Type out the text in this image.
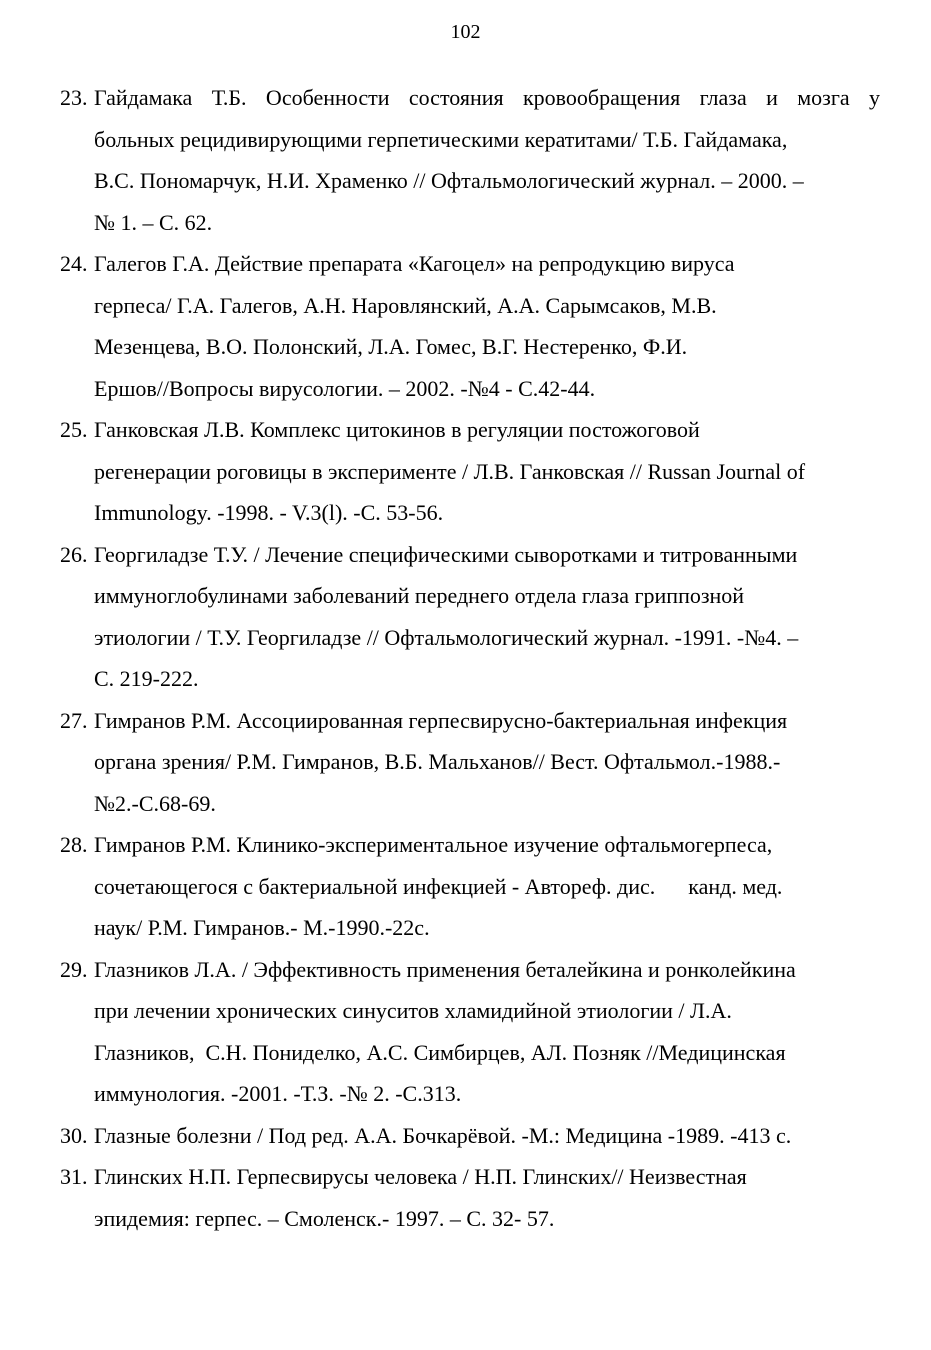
102
23. Гайдамака Т.Б. Особенности состояния кровообращения глаза и мозга у
больных рецидивирующими герпетическими кератитами/ Т.Б. Гайдамака,
В.С. Пономарчук, Н.И. Храменко // Офтальмологический журнал. – 2000. –
№ 1. – С. 62.
24. Галегов Г.А. Действие препарата «Кагоцел» на репродукцию вируса
герпеса/ Г.А. Галегов, А.Н. Наровлянский, А.А. Сарымсаков, М.В.
Мезенцева, В.О. Полонский, Л.А. Гомес, В.Г. Нестеренко, Ф.И.
Ершов//Вопросы вирусологии. – 2002. -№4 - С.42-44.
25. Ганковская Л.В. Комплекс цитокинов в регуляции постожоговой
регенерации роговицы в эксперименте / Л.В. Ганковская // Russan Journal of
Immunology. -1998. - V.3(l). -С. 53-56.
26. Георгиладзе Т.У. / Лечение специфическими сыворотками и титрованными
иммуноглобулинами заболеваний переднего отдела глаза гриппозной
этиологии / Т.У. Георгиладзе // Офтальмологический журнал. -1991. -№4. –
С. 219-222.
27. Гимранов Р.М. Ассоциированная герпесвирусно-бактериальная инфекция
органа зрения/ Р.М. Гимранов, В.Б. Мальханов// Вест. Офтальмол.-1988.-
№2.-С.68-69.
28. Гимранов Р.М. Клинико-экспериментальное изучение офтальмогерпеса,
сочетающегося с бактериальной инфекцией - Автореф. дис.      канд. мед.
наук/ Р.М. Гимранов.- М.-1990.-22с.
29. Глазников Л.А. / Эффективность применения беталейкина и ронколейкина
при лечении хронических синуситов хламидийной этиологии / Л.А.
Глазников,  С.Н. Пониделко, А.С. Симбирцев, АЛ. Позняк //Медицинская
иммунология. -2001. -Т.З. -№ 2. -С.313.
30. Глазные болезни / Под ред. А.А. Бочкарёвой. -М.: Медицина -1989. -413 с.
31. Глинских Н.П. Герпесвирусы человека / Н.П. Глинских// Неизвестная
эпидемия: герпес. – Смоленск.- 1997. – С. 32- 57.
